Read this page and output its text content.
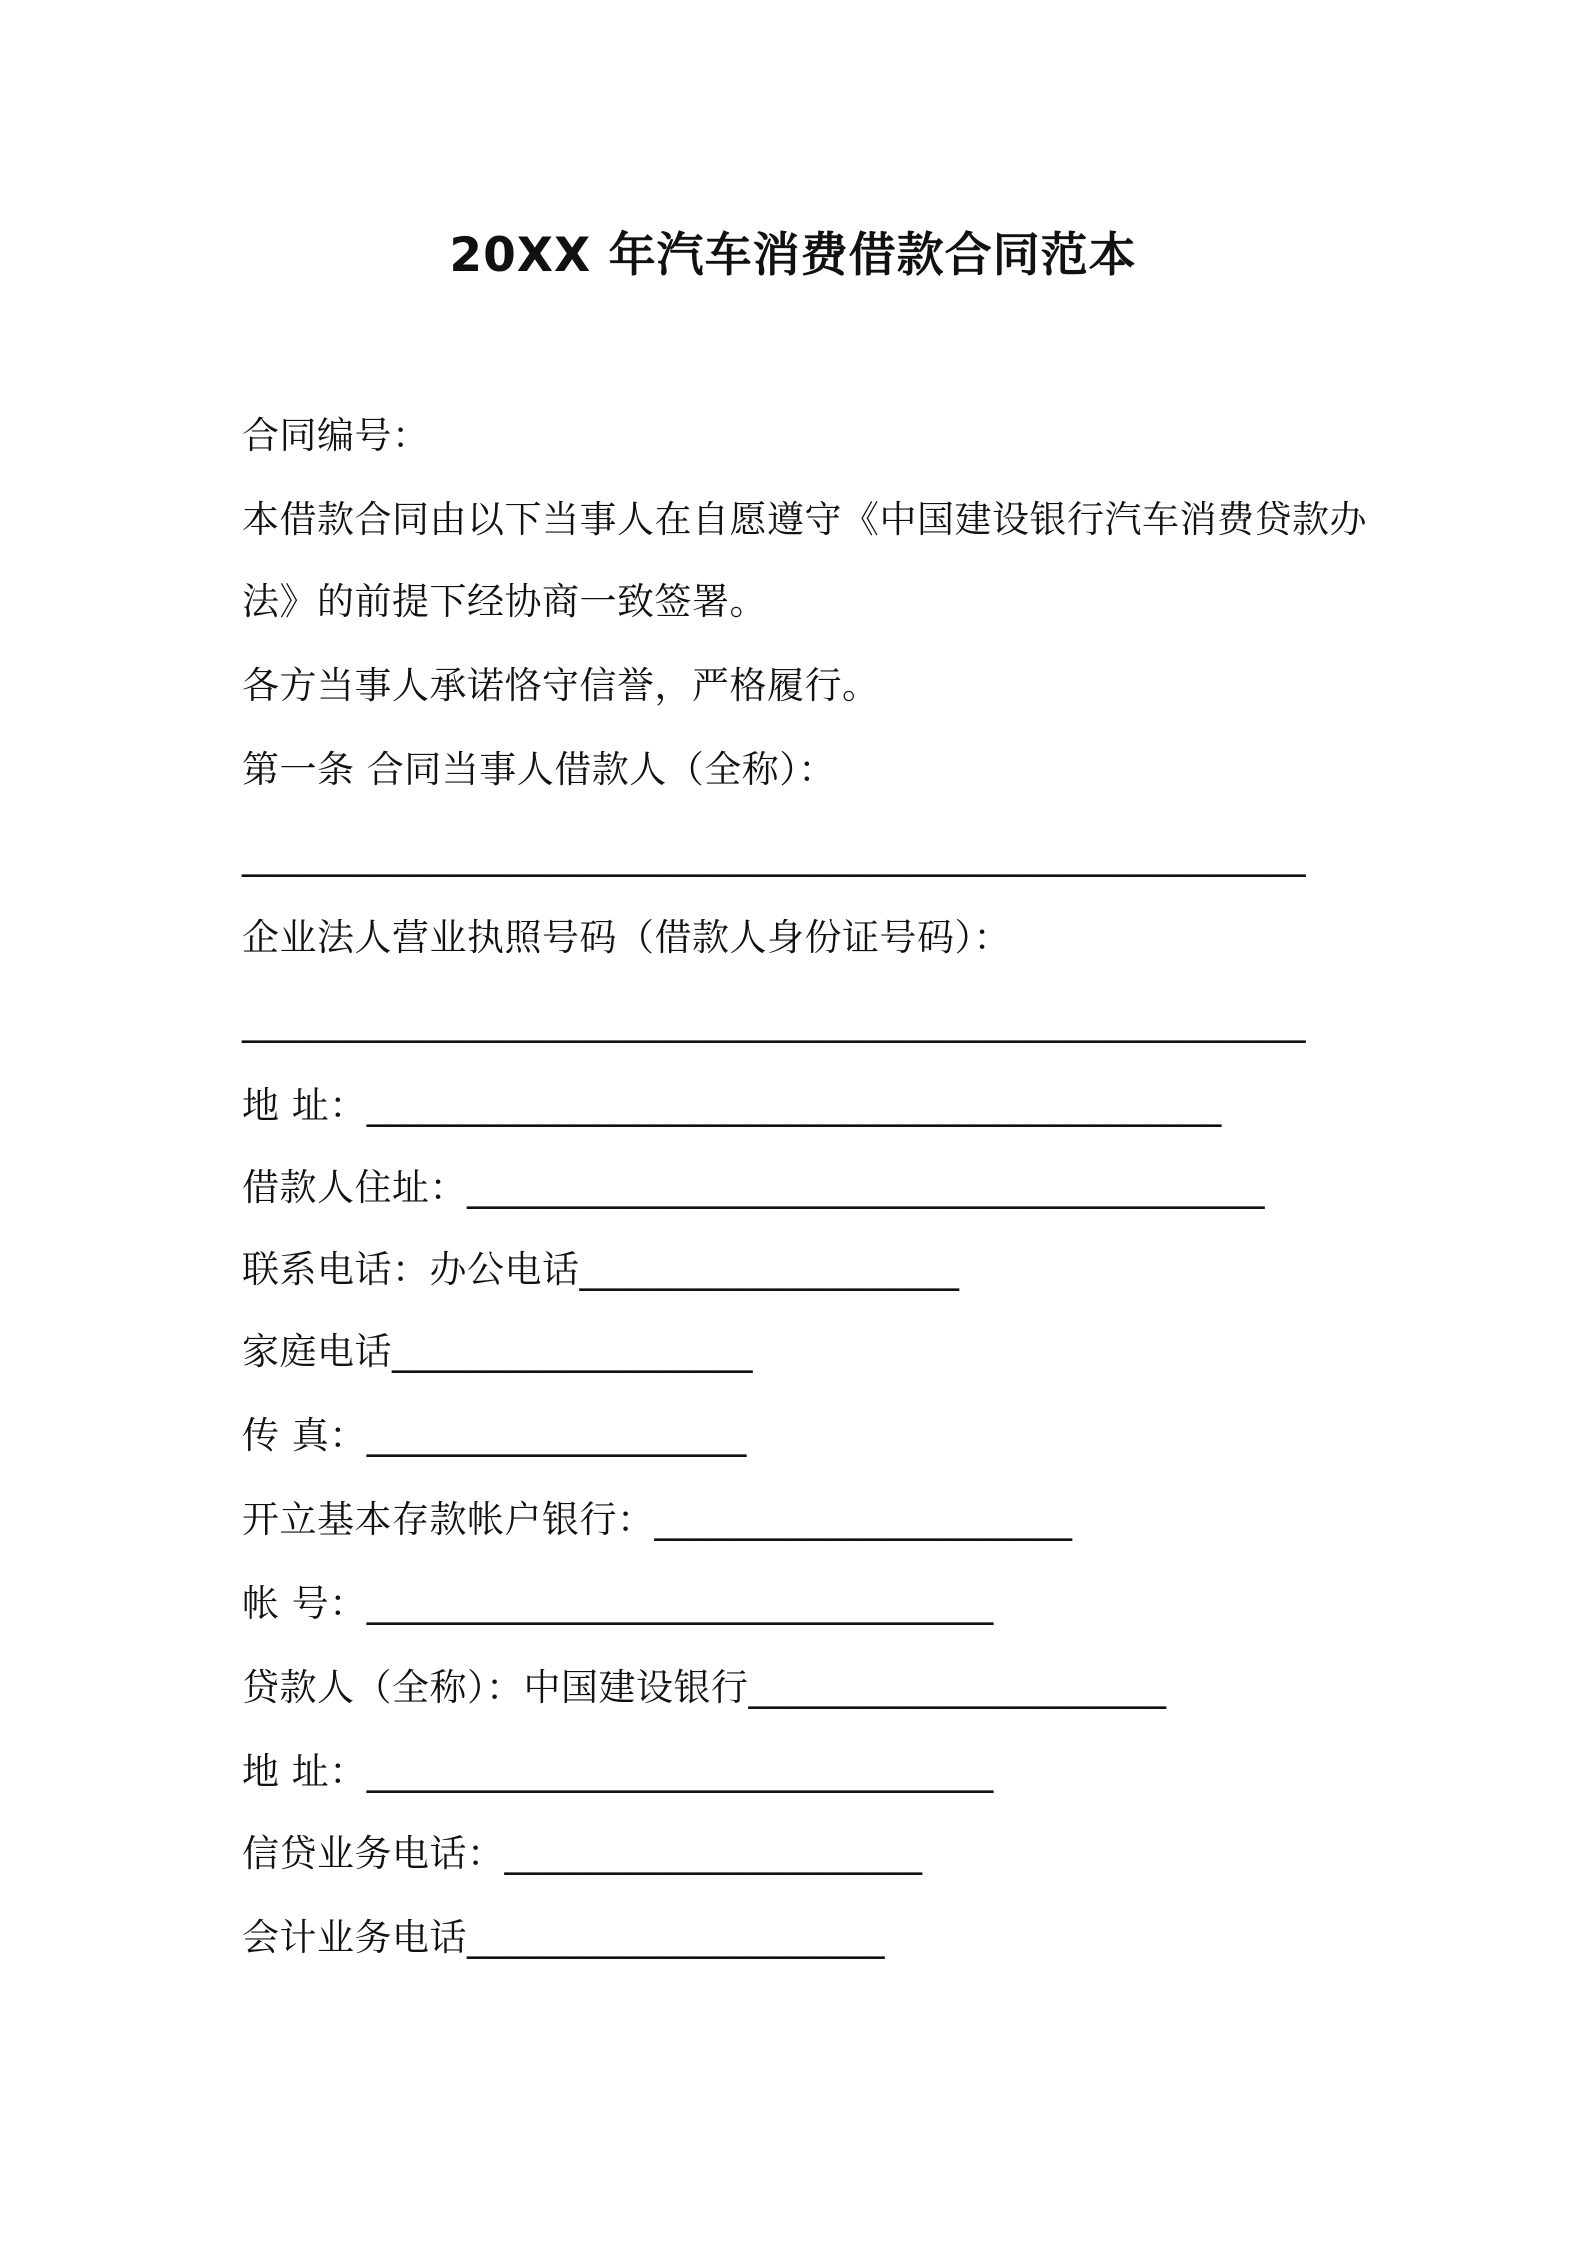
20XX 年汽车消费借款合同范本
合同编号：
本借款合同由以下当事人在自愿遵守《中国建设银行汽车消费贷款办
法》的前提下经协商一致签署。
各方当事人承诺恪守信誉，严格履行。
第一条 合同当事人借款人（全称）：
________________________________________________________
企业法人营业执照号码（借款人身份证号码）：
________________________________________________________
地 址：_____________________________________________
借款人住址：__________________________________________
联系电话：办公电话____________________
家庭电话___________________
传 真：____________________
开立基本存款帐户银行：______________________
帐 号：_________________________________
贷款人（全称）：中国建设银行______________________
地 址：_________________________________
信贷业务电话：______________________
会计业务电话______________________
